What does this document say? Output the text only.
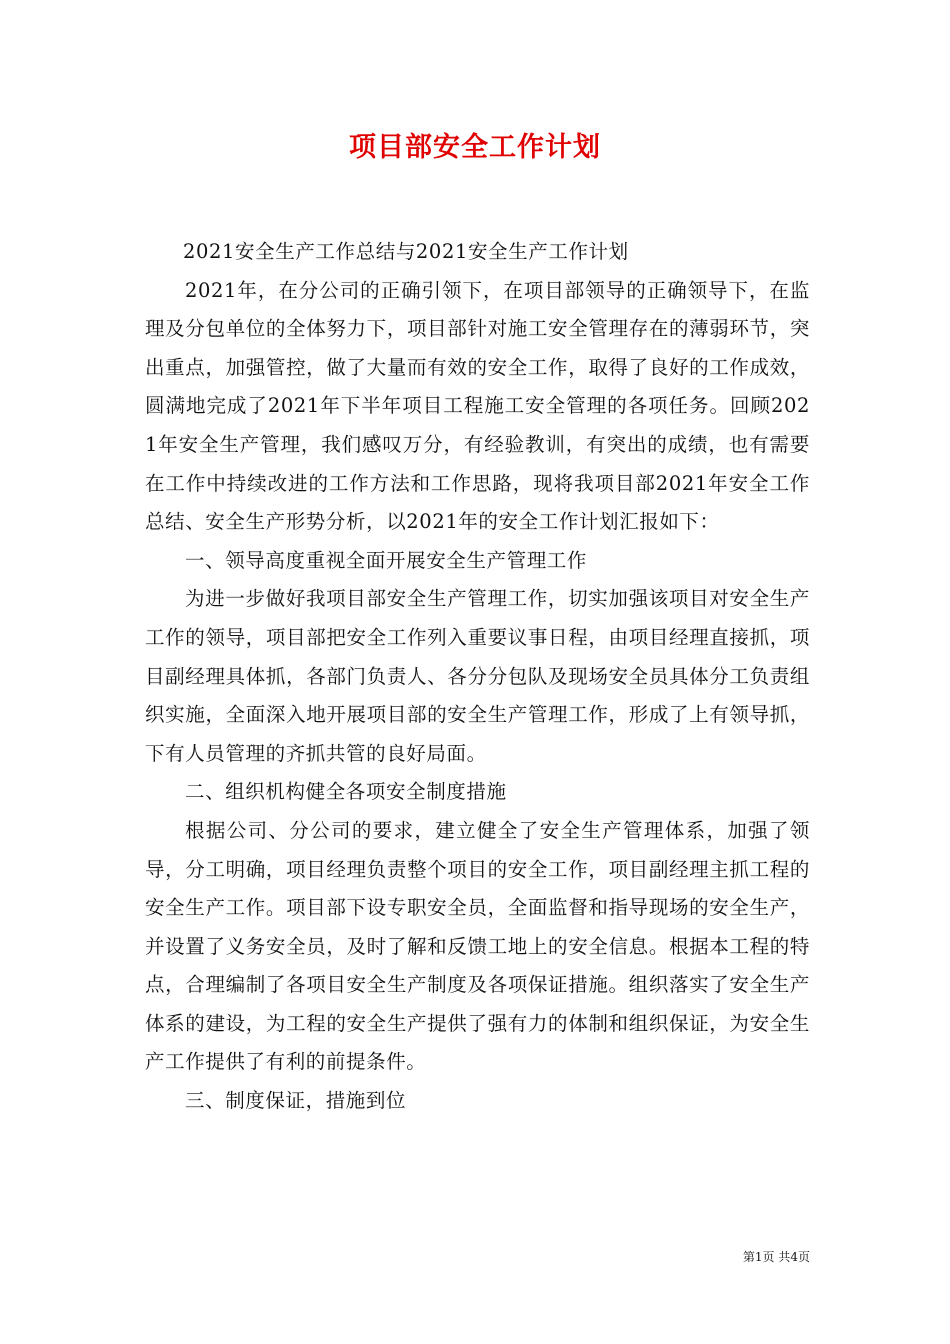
项目部安全工作计划

2021安全生产工作总结与2021安全生产工作计划

2021年，在分公司的正确引领下，在项目部领导的正确领导下，在监理及分包单位的全体努力下，项目部针对施工安全管理存在的薄弱环节，突出重点，加强管控，做了大量而有效的安全工作，取得了良好的工作成效，圆满地完成了2021年下半年项目工程施工安全管理的各项任务。回顾2021年安全生产管理，我们感叹万分，有经验教训，有突出的成绩，也有需要在工作中持续改进的工作方法和工作思路，现将我项目部2021年安全工作总结、安全生产形势分析，以2021年的安全工作计划汇报如下：

一、领导高度重视全面开展安全生产管理工作

为进一步做好我项目部安全生产管理工作，切实加强该项目对安全生产工作的领导，项目部把安全工作列入重要议事日程，由项目经理直接抓，项目副经理具体抓，各部门负责人、各分分包队及现场安全员具体分工负责组织实施，全面深入地开展项目部的安全生产管理工作，形成了上有领导抓，下有人员管理的齐抓共管的良好局面。

二、组织机构健全各项安全制度措施

根据公司、分公司的要求，建立健全了安全生产管理体系，加强了领导，分工明确，项目经理负责整个项目的安全工作，项目副经理主抓工程的安全生产工作。项目部下设专职安全员，全面监督和指导现场的安全生产，并设置了义务安全员，及时了解和反馈工地上的安全信息。根据本工程的特点，合理编制了各项目安全生产制度及各项保证措施。组织落实了安全生产体系的建设，为工程的安全生产提供了强有力的体制和组织保证，为安全生产工作提供了有利的前提条件。

三、制度保证，措施到位

第1页 共4页
